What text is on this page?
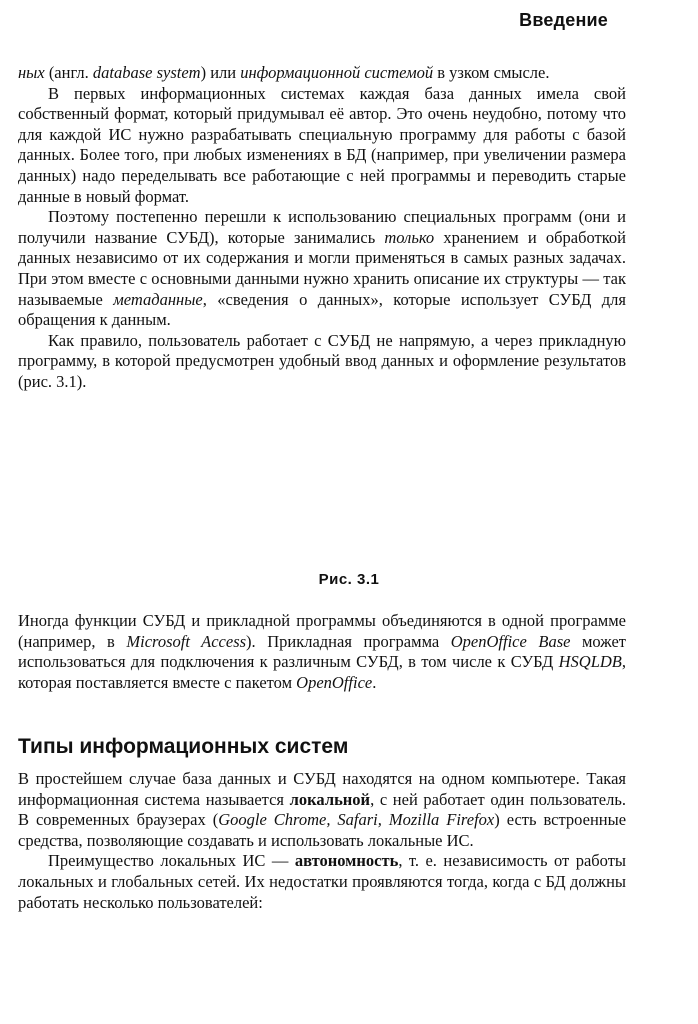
Введение

ных (англ. database system) или информационной системой в узком смысле.

В первых информационных системах каждая база данных имела свой собственный формат, который придумывал её автор. Это очень неудобно, потому что для каждой ИС нужно разрабатывать специальную программу для работы с базой данных. Более того, при любых изменениях в БД (например, при увеличении размера данных) надо переделывать все работающие с ней программы и переводить старые данные в новый формат.

Поэтому постепенно перешли к использованию специальных программ (они и получили название СУБД), которые занимались только хранением и обработкой данных независимо от их содержания и могли применяться в самых разных задачах. При этом вместе с основными данными нужно хранить описание их структуры — так называемые метаданные, «сведения о данных», которые использует СУБД для обращения к данным.

Как правило, пользователь работает с СУБД не напрямую, а через прикладную программу, в которой предусмотрен удобный ввод данных и оформление результатов (рис. 3.1).

Рис. 3.1

Иногда функции СУБД и прикладной программы объединяются в одной программе (например, в Microsoft Access). Прикладная программа OpenOffice Base может использоваться для подключения к различным СУБД, в том числе к СУБД HSQLDB, которая поставляется вместе с пакетом OpenOffice.

Типы информационных систем

В простейшем случае база данных и СУБД находятся на одном компьютере. Такая информационная система называется локальной, с ней работает один пользователь. В современных браузерах (Google Chrome, Safari, Mozilla Firefox) есть встроенные средства, позволяющие создавать и использовать локальные ИС.

Преимущество локальных ИС — автономность, т. е. независимость от работы локальных и глобальных сетей. Их недостатки проявляются тогда, когда с БД должны работать несколько пользователей:
